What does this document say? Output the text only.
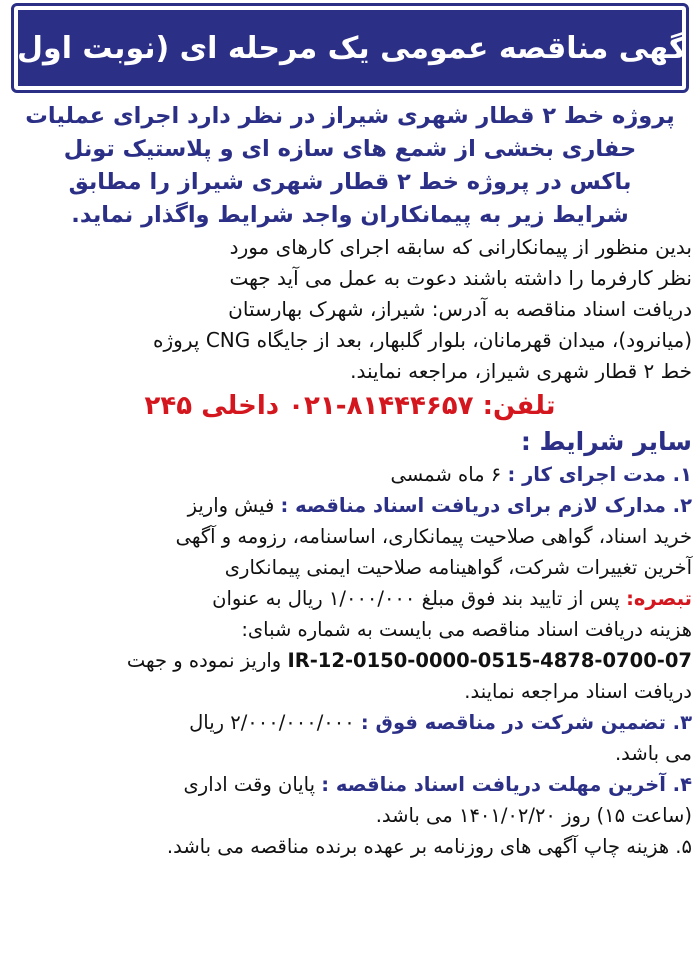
آگهی مناقصه عمومی یک مرحله ای (نوبت اول)
پروژه خط ۲ قطار شهری شیراز در نظر دارد اجرای عملیات
حفاری بخشی از شمع های سازه ای و پلاستیک تونل
باکس در پروژه خط ۲ قطار شهری شیراز را مطابق
شرایط زیر به پیمانکاران واجد شرایط واگذار نماید.
بدین منظور از پیمانکارانی که سابقه اجرای کارهای مورد
نظر کارفرما را داشته باشند دعوت به عمل می آید جهت
دریافت اسناد مناقصه به آدرس: شیراز، شهرک بهارستان
(میانرود)، میدان قهرمانان، بلوار گلبهار، بعد از جایگاه CNG پروژه
خط ۲ قطار شهری شیراز، مراجعه نمایند.
تلفن: ۸۱۴۴۴۶۵۷-۰۲۱ داخلی ۲۴۵
سایر شرایط :
۱. مدت اجرای کار : ۶ ماه شمسی
۲. مدارک لازم برای دریافت اسناد مناقصه : فیش واریز
خرید اسناد، گواهی صلاحیت پیمانکاری، اساسنامه، رزومه و آگهی
آخرین تغییرات شرکت، گواهینامه صلاحیت ایمنی پیمانکاری
تبصره: پس از تایید بند فوق مبلغ ۱/۰۰۰/۰۰۰ ریال به عنوان
هزینه دریافت اسناد مناقصه می بایست به شماره شبای:
IR-12-0150-0000-0515-4878-0700-07 واریز نموده و جهت
دریافت اسناد مراجعه نمایند.
۳. تضمین شرکت در مناقصه فوق : ۲/۰۰۰/۰۰۰/۰۰۰ ریال
می باشد.
۴. آخرین مهلت دریافت اسناد مناقصه : پایان وقت اداری
(ساعت ۱۵) روز ۱۴۰۱/۰۲/۲۰ می باشد.
۵. هزینه چاپ آگهی های روزنامه بر عهده برنده مناقصه می باشد.
